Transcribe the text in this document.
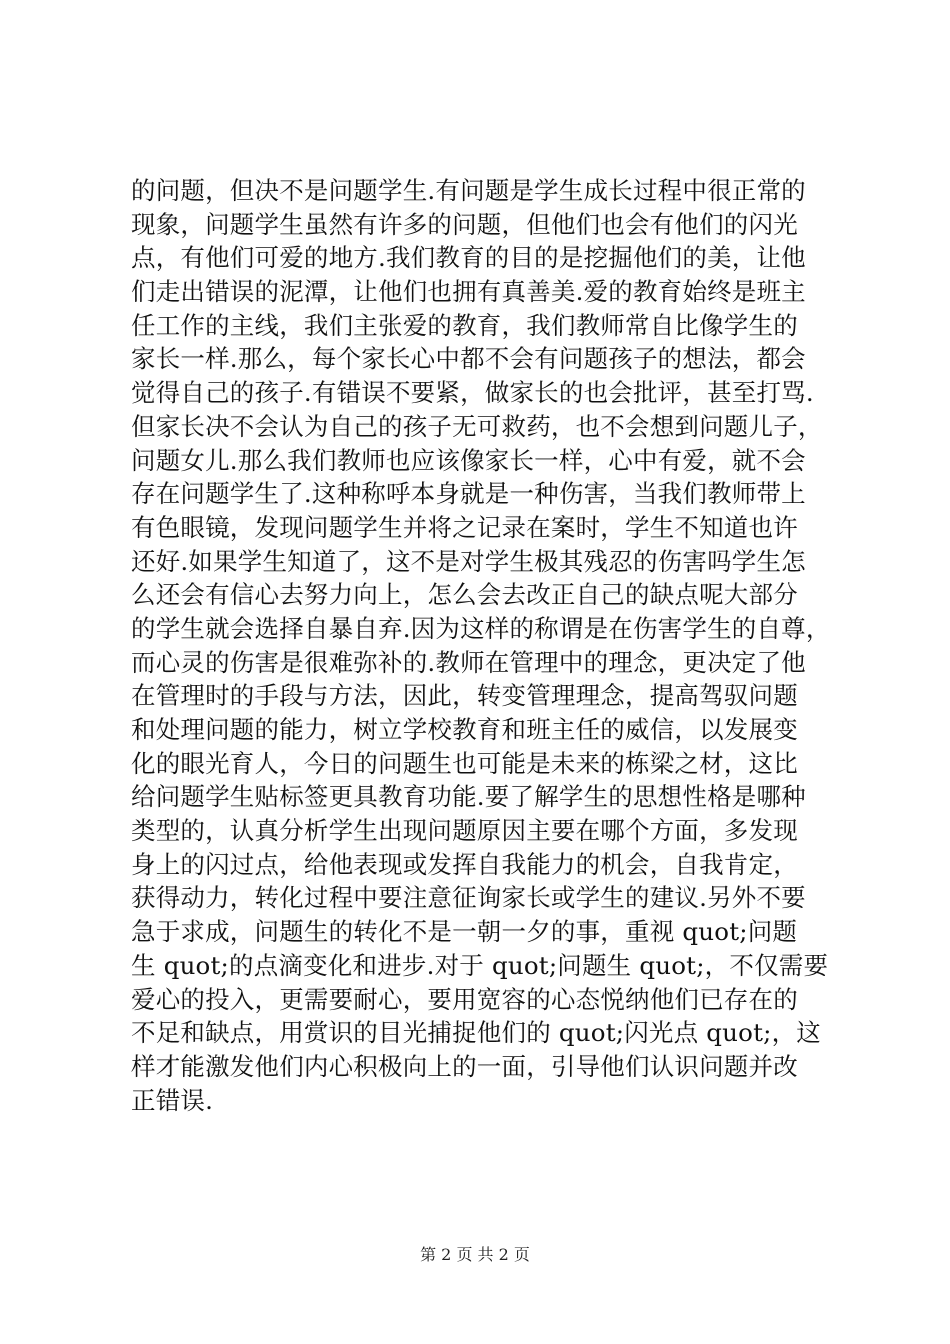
的问题，但决不是问题学生.有问题是学生成长过程中很正常的
现象，问题学生虽然有许多的问题，但他们也会有他们的闪光
点，有他们可爱的地方.我们教育的目的是挖掘他们的美，让他
们走出错误的泥潭，让他们也拥有真善美.爱的教育始终是班主
任工作的主线，我们主张爱的教育，我们教师常自比像学生的
家长一样.那么，每个家长心中都不会有问题孩子的想法，都会
觉得自己的孩子.有错误不要紧，做家长的也会批评，甚至打骂.
但家长决不会认为自己的孩子无可救药，也不会想到问题儿子，
问题女儿.那么我们教师也应该像家长一样，心中有爱，就不会
存在问题学生了.这种称呼本身就是一种伤害，当我们教师带上
有色眼镜，发现问题学生并将之记录在案时，学生不知道也许
还好.如果学生知道了，这不是对学生极其残忍的伤害吗学生怎
么还会有信心去努力向上，怎么会去改正自己的缺点呢大部分
的学生就会选择自暴自弃.因为这样的称谓是在伤害学生的自尊，
而心灵的伤害是很难弥补的.教师在管理中的理念，更决定了他
在管理时的手段与方法，因此，转变管理理念，提高驾驭问题
和处理问题的能力，树立学校教育和班主任的威信，以发展变
化的眼光育人，今日的问题生也可能是未来的栋梁之材，这比
给问题学生贴标签更具教育功能.要了解学生的思想性格是哪种
类型的，认真分析学生出现问题原因主要在哪个方面，多发现
身上的闪过点，给他表现或发挥自我能力的机会，自我肯定，
获得动力，转化过程中要注意征询家长或学生的建议.另外不要
急于求成，问题生的转化不是一朝一夕的事，重视 quot;问题
生 quot;的点滴变化和进步.对于 quot;问题生 quot;，不仅需要
爱心的投入，更需要耐心，要用宽容的心态悦纳他们已存在的
不足和缺点，用赏识的目光捕捉他们的 quot;闪光点 quot;，这
样才能激发他们内心积极向上的一面，引导他们认识问题并改
正错误.
第 2 页 共 2 页
